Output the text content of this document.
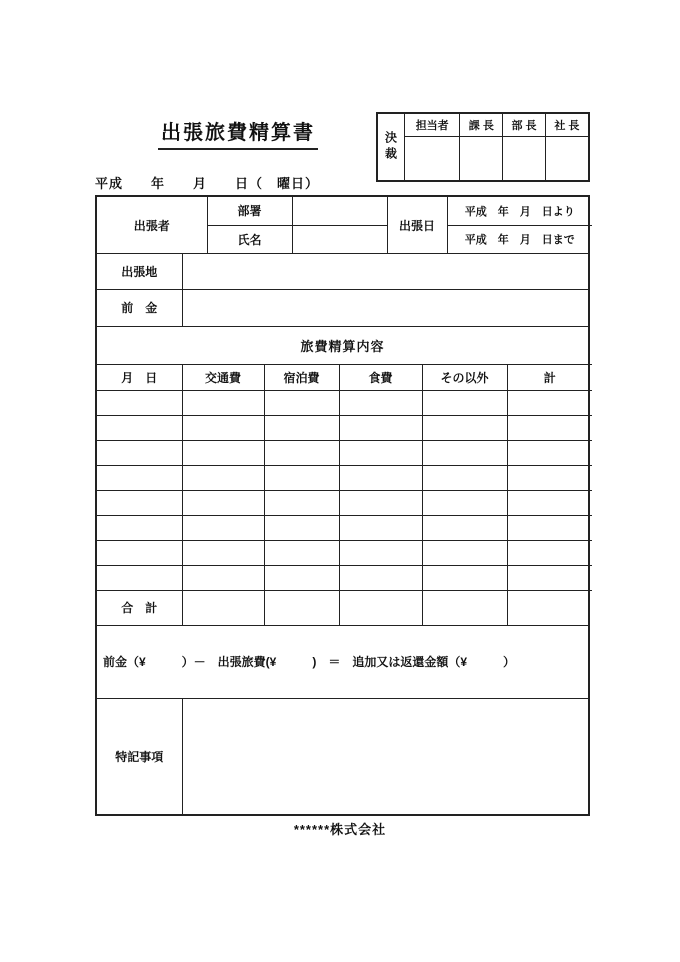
出張旅費精算書	決裁
担当者	課 長	部 長	社 長

平成　　年　　月　　日（　曜日）
出張者	部署		出張日	平成　年　月　日より
	氏名			平成　年　月　日まで
出張地	
前　金	
旅費精算内容
月　日	交通費	宿泊費	食費	その以外	計

合　計					
前金（¥　　　）－　出張旅費(¥　　　)　＝　追加又は返還金額（¥　　　）
特記事項	
******株式会社
